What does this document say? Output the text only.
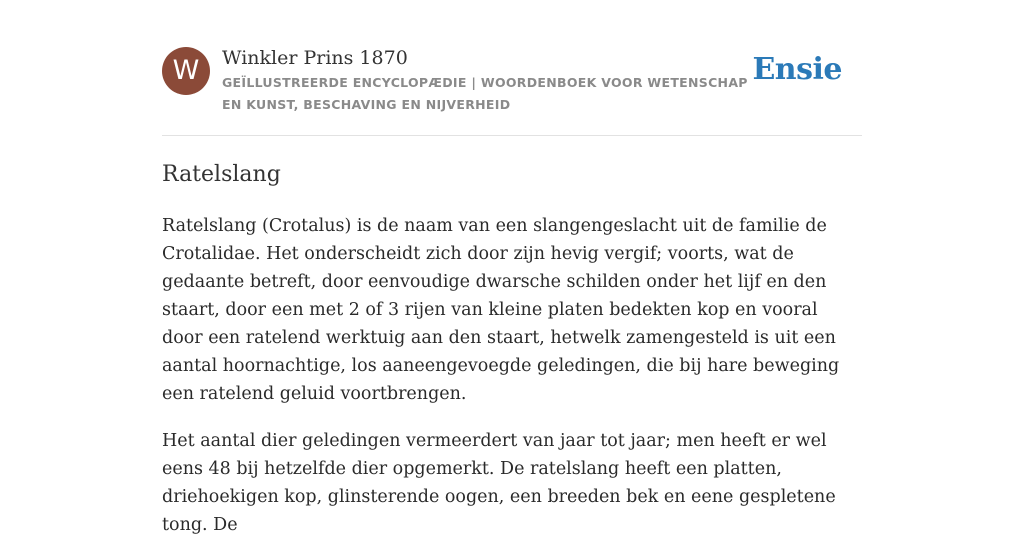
W	Winkler Prins 1870
GEÏLLUSTREERDE ENCYCLOPÆDIE | WOORDENBOEK VOOR WETENSCHAP EN KUNST, BESCHAVING EN NIJVERHEID
Ensie
Ratelslang

Ratelslang (Crotalus) is de naam van een slangengeslacht uit de familie de Crotalidae. Het onderscheidt zich door zijn hevig vergif; voorts, wat de gedaante betreft, door eenvoudige dwarsche schilden onder het lijf en den staart, door een met 2 of 3 rijen van kleine platen bedekten kop en vooral door een ratelend werktuig aan den staart, hetwelk zamengesteld is uit een aantal hoornachtige, los aaneengevoegde geledingen, die bij hare beweging een ratelend geluid voortbrengen.

Het aantal dier geledingen vermeerdert van jaar tot jaar; men heeft er wel eens 48 bij hetzelfde dier opgemerkt. De ratelslang heeft een platten, driehoekigen kop, glinsterende oogen, een breeden bek en eene gespletene tong. De
